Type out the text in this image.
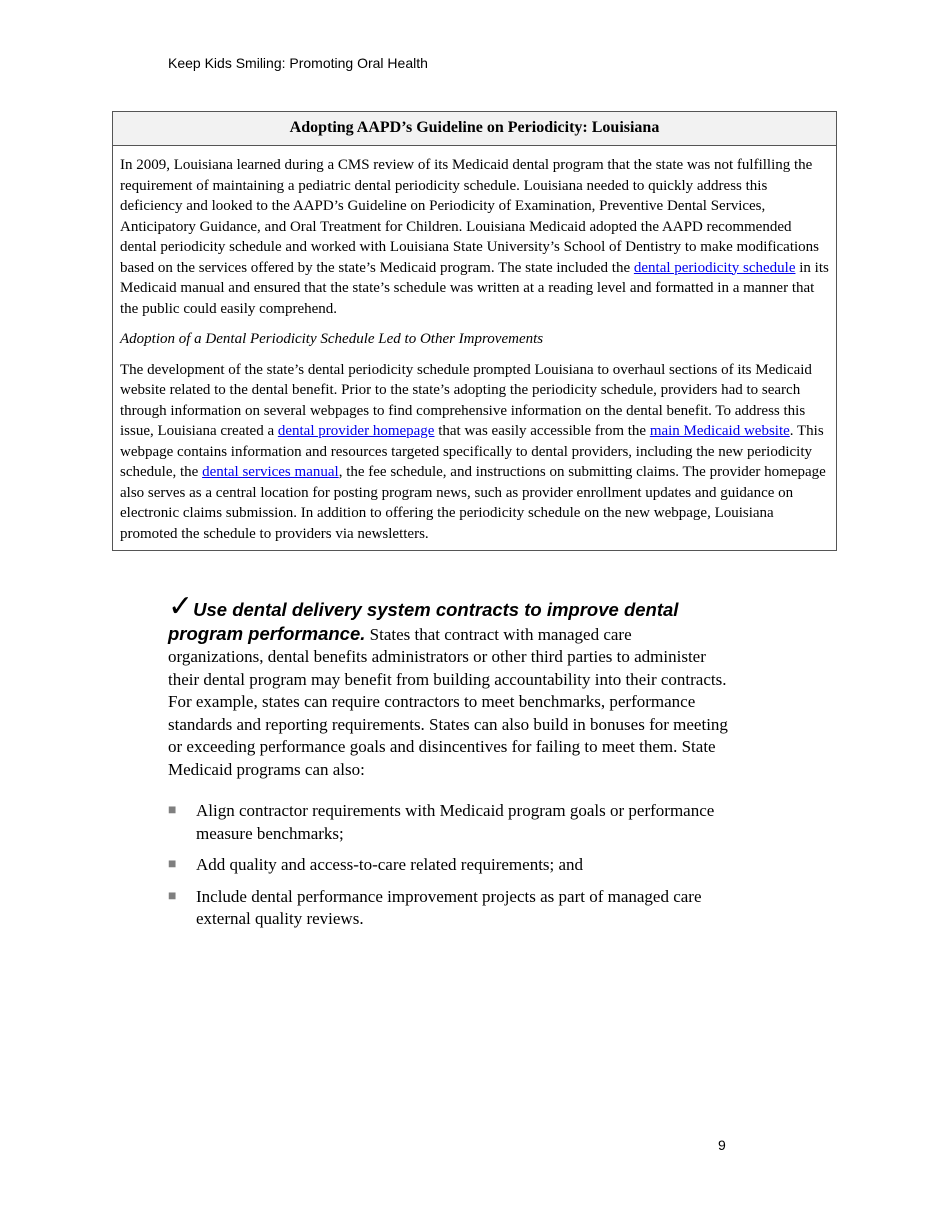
Keep Kids Smiling: Promoting Oral Health
Adopting AAPD’s Guideline on Periodicity: Louisiana

In 2009, Louisiana learned during a CMS review of its Medicaid dental program that the state was not fulfilling the requirement of maintaining a pediatric dental periodicity schedule. Louisiana needed to quickly address this deficiency and looked to the AAPD’s Guideline on Periodicity of Examination, Preventive Dental Services, Anticipatory Guidance, and Oral Treatment for Children. Louisiana Medicaid adopted the AAPD recommended dental periodicity schedule and worked with Louisiana State University’s School of Dentistry to make modifications based on the services offered by the state’s Medicaid program. The state included the dental periodicity schedule in its Medicaid manual and ensured that the state’s schedule was written at a reading level and formatted in a manner that the public could easily comprehend.

Adoption of a Dental Periodicity Schedule Led to Other Improvements

The development of the state’s dental periodicity schedule prompted Louisiana to overhaul sections of its Medicaid website related to the dental benefit. Prior to the state’s adopting the periodicity schedule, providers had to search through information on several webpages to find comprehensive information on the dental benefit. To address this issue, Louisiana created a dental provider homepage that was easily accessible from the main Medicaid website. This webpage contains information and resources targeted specifically to dental providers, including the new periodicity schedule, the dental services manual, the fee schedule, and instructions on submitting claims. The provider homepage also serves as a central location for posting program news, such as provider enrollment updates and guidance on electronic claims submission. In addition to offering the periodicity schedule on the new webpage, Louisiana promoted the schedule to providers via newsletters.

✓Use dental delivery system contracts to improve dental program performance. States that contract with managed care organizations, dental benefits administrators or other third parties to administer their dental program may benefit from building accountability into their contracts. For example, states can require contractors to meet benchmarks, performance standards and reporting requirements. States can also build in bonuses for meeting or exceeding performance goals and disincentives for failing to meet them. State Medicaid programs can also:

■ Align contractor requirements with Medicaid program goals or performance measure benchmarks;
■ Add quality and access-to-care related requirements; and
■ Include dental performance improvement projects as part of managed care external quality reviews.
9
